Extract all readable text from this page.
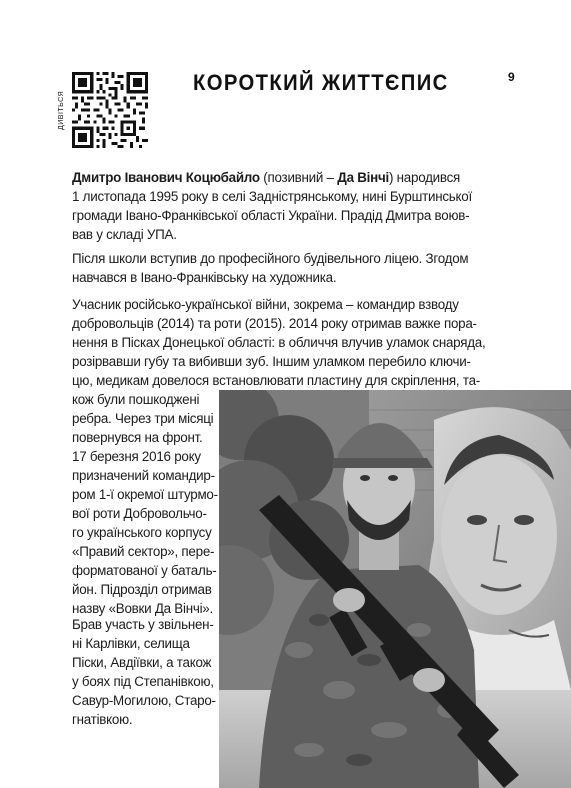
ДИВІТЬСЯ
КОРОТКИЙ ЖИТТЄПИС	9
Дмитро Іванович Коцюбайло (позивний – Да Вінчі) народився
1 листопада 1995 року в селі Задністрянському, нині Бурштинської
громади Івано-Франківської області України. Прадід Дмитра воюв-
вав у складі УПА.
Після школи вступив до професійного будівельного ліцею. Згодом
навчався в Івано-Франківську на художника.
Учасник російсько-української війни, зокрема – командир взводу
добровольців (2014) та роти (2015). 2014 року отримав важке пора-
нення в Пісках Донецької області: в обличчя влучив уламок снаряда,
розірвавши губу та вибивши зуб. Іншим уламком перебило ключи-
цю, медикам довелося встановлювати пластину для скріплення, та-
кож були пошкоджені
ребра. Через три місяці
повернувся на фронт.
17 березня 2016 року
призначений командир-
ром 1-ї окремої штурмо-
вої роти Добровольчо-
го українського корпусу
«Правий сектор», пере-
форматованої у баталь-
йон. Підрозділ отримав
назву «Вовки Да Вінчі».
Брав участь у звільнен-
ні Карлівки, селища
Піски, Авдіївки, а також
у боях під Степанівкою,
Савур-Могилою, Старо-
гнатівкою.
